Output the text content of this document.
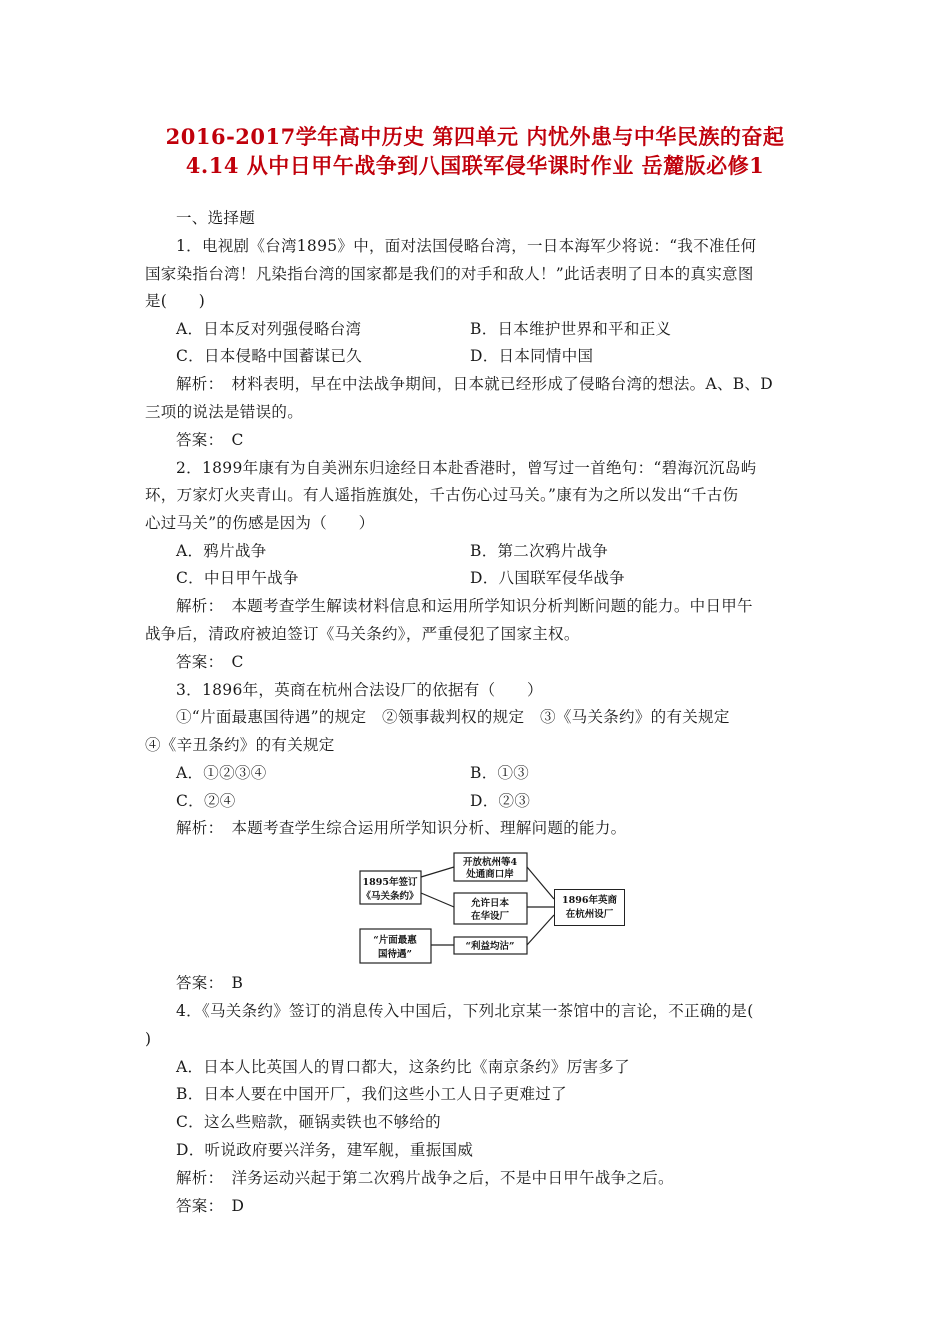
2016-2017学年高中历史 第四单元 内忧外患与中华民族的奋起
4.14 从中日甲午战争到八国联军侵华课时作业 岳麓版必修1
一、选择题
1．电视剧《台湾1895》中，面对法国侵略台湾，一日本海军少将说：“我不准任何
国家染指台湾！凡染指台湾的国家都是我们的对手和敌人！”此话表明了日本的真实意图
是(　　)
A．日本反对列强侵略台湾	B．日本维护世界和平和正义
C．日本侵略中国蓄谋已久	D．日本同情中国
解析：　材料表明，早在中法战争期间，日本就已经形成了侵略台湾的想法。A、B、D
三项的说法是错误的。
答案：　C
2．1899年康有为自美洲东归途经日本赴香港时，曾写过一首绝句：“碧海沉沉岛屿
环，万家灯火夹青山。有人遥指旌旗处，千古伤心过马关。”康有为之所以发出“千古伤
心过马关”的伤感是因为（　　）
A．鸦片战争	B．第二次鸦片战争
C．中日甲午战争	D．八国联军侵华战争
解析：　本题考查学生解读材料信息和运用所学知识分析判断问题的能力。中日甲午
战争后，清政府被迫签订《马关条约》，严重侵犯了国家主权。
答案：　C
3．1896年，英商在杭州合法设厂的依据有（　　）
①“片面最惠国待遇”的规定　②领事裁判权的规定　③《马关条约》的有关规定
④《辛丑条约》的有关规定
A．①②③④	B．①③
C．②④	D．②③
解析：　本题考查学生综合运用所学知识分析、理解问题的能力。
1895年签订
《马关条约》
开放杭州等4
处通商口岸
允许日本
在华设厂
“片面最惠
国待遇”
“利益均沾”
1896年英商
在杭州设厂
答案：　B
4．《马关条约》签订的消息传入中国后，下列北京某一茶馆中的言论，不正确的是(
)
A．日本人比英国人的胃口都大，这条约比《南京条约》厉害多了
B．日本人要在中国开厂，我们这些小工人日子更难过了
C．这么些赔款，砸锅卖铁也不够给的
D．听说政府要兴洋务，建军舰，重振国威
解析：　洋务运动兴起于第二次鸦片战争之后，不是中日甲午战争之后。
答案：　D
